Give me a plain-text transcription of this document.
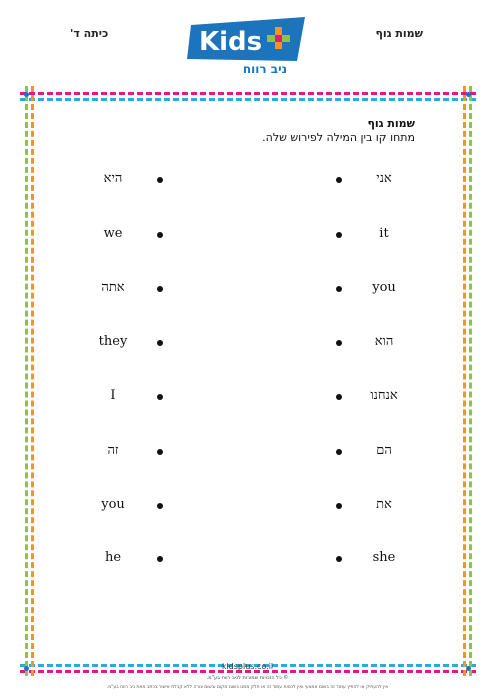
שמות גוף
כיתה ד'	Kids
ניב רווח
שמות גוף

מתחו קו בין המילה לפירוש שלה.

היא	אני
we	it
אתה	you
they	הוא
I	אנחנו
זה	הם
you	את
he	she
kidsplus.co.il
© כל הזכויות שמורות לניב רווח בע"מ.
אין להעתיק או להפיץ עמוד זה בשום אמצעי ואין לכסות עמוד זה או חלק ממנו בשום מקום ובשום צורה ללא קבלת אישור בכתב מאת ניב רווח בע"מ.
